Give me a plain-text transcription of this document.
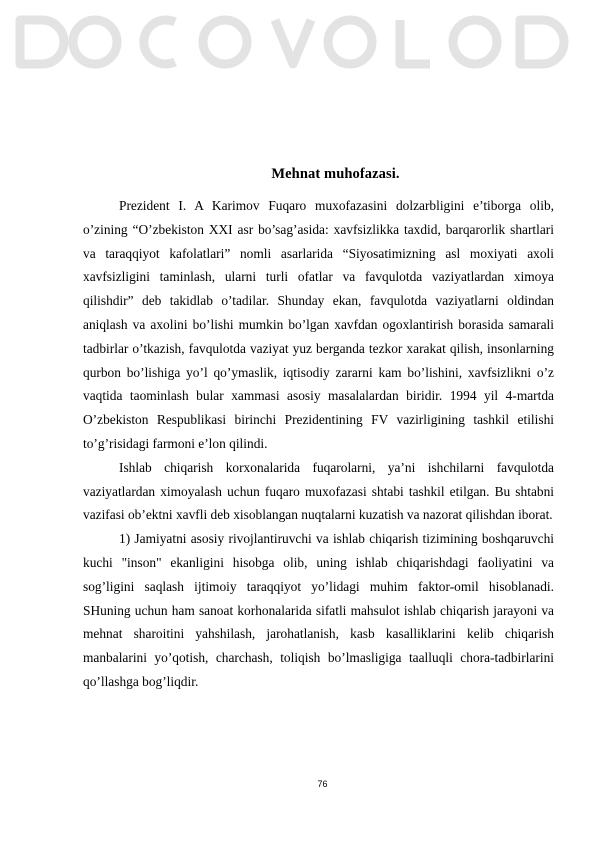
Mehnat muhofazasi.

Prezident I. A Karimov Fuqaro muxofazasini dolzarbligini e’tiborga olib, o’zining “O’zbekiston XXI asr bo’sag’asida: xavfsizlikka taxdid, barqarorlik shartlari va taraqqiyot kafolatlari” nomli asarlarida “Siyosatimizning asl moxiyati axoli xavfsizligini taminlash, ularni turli ofatlar va favqulotda vaziyatlardan ximoya qilishdir” deb takidlab o’tadilar. Shunday ekan, favqulotda vaziyatlarni oldindan aniqlash va axolini bo’lishi mumkin bo’lgan xavfdan ogoxlantirish borasida samarali tadbirlar o’tkazish, favqulotda vaziyat yuz berganda tezkor xarakat qilish, insonlarning qurbon bo’lishiga yo’l qo’ymaslik, iqtisodiy zararni kam bo’lishini, xavfsizlikni o’z vaqtida taominlash bular xammasi asosiy masalalardan biridir. 1994 yil 4-martda O’zbekiston Respublikasi birinchi Prezidentining FV vazirligining tashkil etilishi to’g’risidagi farmoni e’lon qilindi.

Ishlab chiqarish korxonalarida fuqarolarni, ya’ni ishchilarni favqulotda vaziyatlardan ximoyalash uchun fuqaro muxofazasi shtabi tashkil etilgan. Bu shtabni vazifasi ob’ektni xavfli deb xisoblangan nuqtalarni kuzatish va nazorat qilishdan iborat.

1) Jamiyatni asosiy rivojlantiruvchi va ishlab chiqarish tizimining boshqaruvchi kuchi "inson" ekanligini hisobga olib, uning ishlab chiqarishdagi faoliyatini va sog’ligini saqlash ijtimoiy taraqqiyot yo’lidagi muhim faktor-omil hisoblanadi. SHuning uchun ham sanoat korhonalarida sifatli mahsulot ishlab chiqarish jarayoni va mehnat sharoitini yahshilash, jarohatlanish, kasb kasalliklarini kelib chiqarish manbalarini yo’qotish, charchash, toliqish bo’lmasligiga taalluqli chora-tadbirlarini qo’llashga bog’liqdir.

76
